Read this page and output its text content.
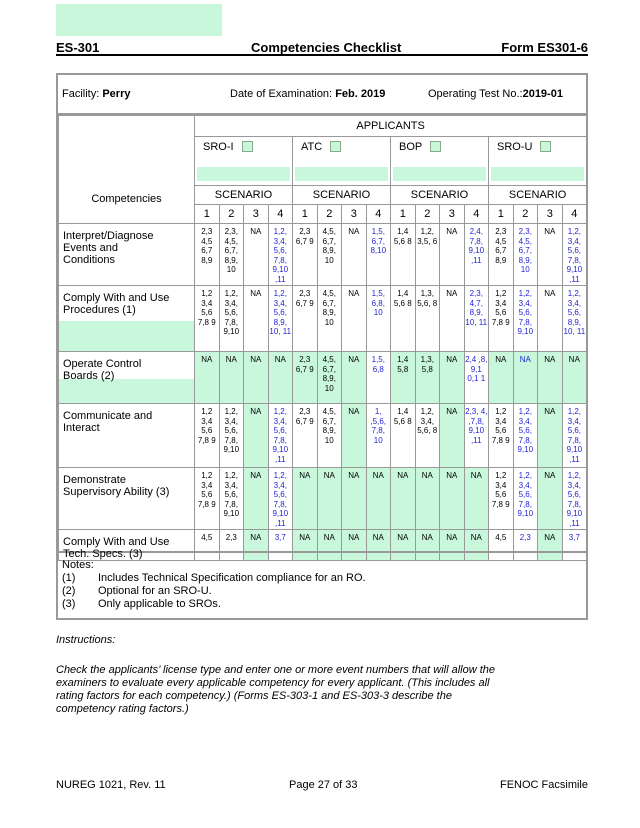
ES-301	Competencies Checklist	Form ES301-6
Facility: Perry	Date of Examination: Feb. 2019	Operating Test No.:2019-01
Competencies	APPLICANTS															
	SRO-I				ATC				BOP				SRO-U			

	SCENARIO				SCENARIO				SCENARIO				SCENARIO			
	1	2	3	4	1	2	3	4	1	2	3	4	1	2	3	4

Interpret/Diagnose Events and Conditions	2,3 4,5 6,7 8,9	2,3, 4,5, 6,7, 8,9, 10	NA	1,2, 3,4, 5,6, 7,8, 9,10 ,11	2,3 6,7 9	4,5, 6,7, 8,9, 10	NA	1,5, 6,7, 8,10	1,4 5,6 8	1,2, 3,5, 6	NA	2,4, 7,8, 9,10 ,11	2,3 4,5 6,7 8,9	2,3, 4,5, 6,7, 8,9, 10	NA	1,2, 3,4, 5,6, 7,8, 9,10 ,11

Comply With and Use Procedures (1)	1,2 3,4 5,6 7,8 9	1,2, 3,4, 5,6, 7,8, 9,10	NA	1,2, 3,4, 5,6, 8,9, 10, 11	2,3 6,7 9	4,5, 6,7, 8,9, 10	NA	1,5, 6,8, 10	1,4 5,6 8	1,3, 5,6, 8	NA	2,3, 4,7, 8,9, 10, 11	1,2 3,4 5,6 7,8 9	1,2, 3,4, 5,6, 7,8, 9,10	NA	1,2, 3,4, 5,6, 8,9, 10, 11

Operate Control Boards (2)	NA	NA	NA	NA	2,3 6,7 9	4,5, 6,7, 8,9, 10	NA	1,5, 6,8	1,4 5,8	1,3, 5,8	NA	2,4 ,8, 9,1 0,1 1	NA	NA	NA	NA

Communicate and Interact	1,2 3,4 5,6 7,8 9	1,2, 3,4, 5,6, 7,8, 9,10	NA	1,2, 3,4, 5,6, 7,8, 9,10 ,11	2,3 6,7 9	4,5, 6,7, 8,9, 10	NA	1, ,5,6, 7,8, 10	1,4 5,6 8	1,2, 3,4, 5,6, 8	NA	2,3, 4, ,7,8, 9,10 ,11	1,2 3,4 5,6 7,8 9	1,2, 3,4, 5,6, 7,8, 9,10	NA	1,2, 3,4, 5,6, 7,8, 9,10 ,11

Demonstrate Supervisory Ability (3)	1,2 3,4 5,6 7,8 9	1,2, 3,4, 5,6, 7,8, 9,10	NA	1,2, 3,4, 5,6, 7,8, 9,10 ,11	NA	NA	NA	NA	NA	NA	NA	NA	1,2 3,4 5,6 7,8 9	1,2, 3,4, 5,6, 7,8, 9,10	NA	1,2, 3,4, 5,6, 7,8, 9,10 ,11

Comply With and Use Tech. Specs. (3)	4,5	2,3	NA	3,7	NA	NA	NA	NA	NA	NA	NA	NA	4,5	2,3	NA	3,7
Notes:
(1) Includes Technical Specification compliance for an RO.
(2) Optional for an SRO-U.
(3) Only applicable to SROs.
Instructions:
Check the applicants’ license type and enter one or more event numbers that will allow the examiners to evaluate every applicable competency for every applicant. (This includes all rating factors for each competency.) (Forms ES-303-1 and ES-303-3 describe the competency rating factors.)
NUREG 1021, Rev. 11	Page 27 of 33	FENOC Facsimile
